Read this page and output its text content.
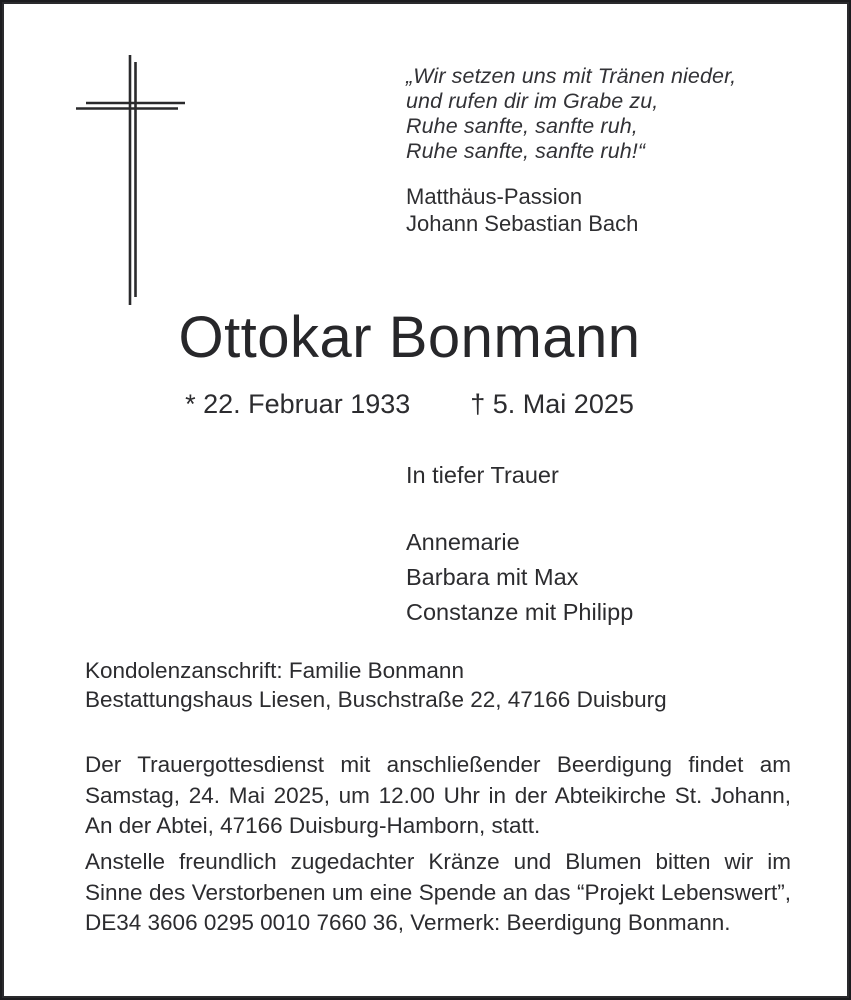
„Wir setzen uns mit Tränen nieder,
und rufen dir im Grabe zu,
Ruhe sanfte, sanfte ruh,
Ruhe sanfte, sanfte ruh!“
Matthäus-Passion
Johann Sebastian Bach
Ottokar Bonmann
* 22. Februar 1933 † 5. Mai 2025
In tiefer Trauer
Annemarie
Barbara mit Max
Constanze mit Philipp
Kondolenzanschrift: Familie Bonmann
Bestattungshaus Liesen, Buschstraße 22, 47166 Duisburg
Der Trauergottesdienst mit anschließender Beerdigung findet am
Samstag, 24. Mai 2025, um 12.00 Uhr in der Abteikirche St. Johann,
An der Abtei, 47166 Duisburg-Hamborn, statt.
Anstelle freundlich zugedachter Kränze und Blumen bitten wir im
Sinne des Verstorbenen um eine Spende an das “Projekt Lebenswert”,
DE34 3606 0295 0010 7660 36, Vermerk: Beerdigung Bonmann.
